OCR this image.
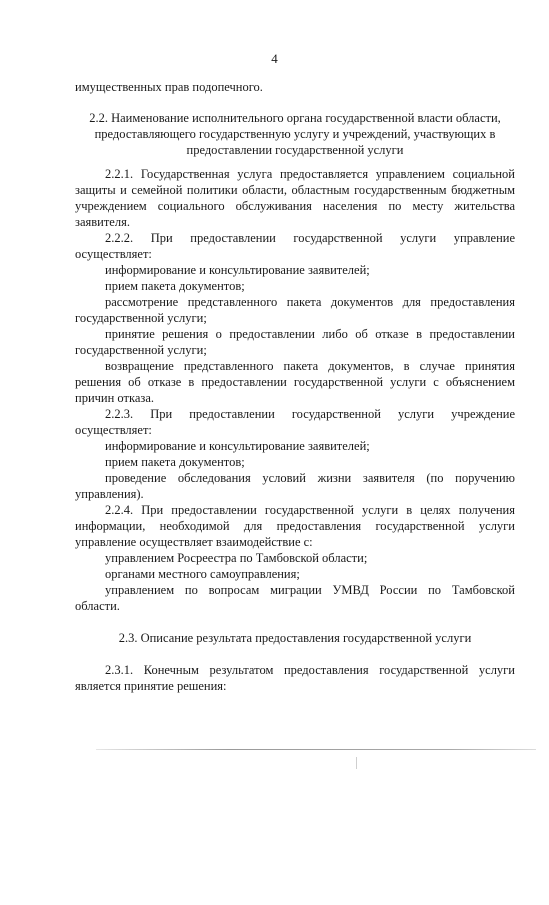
4
имущественных прав подопечного.
2.2. Наименование исполнительного органа государственной власти области,
предоставляющего государственную услугу и учреждений, участвующих в
предоставлении государственной услуги
2.2.1. Государственная услуга предоставляется управлением социальной
защиты и семейной политики области, областным государственным бюджетным
учреждением социального обслуживания населения по месту жительства
заявителя.
2.2.2. При предоставлении государственной услуги управление
осуществляет:
информирование и консультирование заявителей;
прием пакета документов;
рассмотрение представленного пакета документов для предоставления
государственной услуги;
принятие решения о предоставлении либо об отказе в предоставлении
государственной услуги;
возвращение представленного пакета документов, в случае принятия
решения об отказе в предоставлении государственной услуги с объяснением
причин отказа.
2.2.3. При предоставлении государственной услуги учреждение
осуществляет:
информирование и консультирование заявителей;
прием пакета документов;
проведение обследования условий жизни заявителя (по поручению
управления).
2.2.4. При предоставлении государственной услуги в целях получения
информации, необходимой для предоставления государственной услуги
управление осуществляет взаимодействие с:
управлением Росреестра по Тамбовской области;
органами местного самоуправления;
управлением по вопросам миграции УМВД России по Тамбовской
области.
2.3. Описание результата предоставления государственной услуги
2.3.1. Конечным результатом предоставления государственной услуги
является принятие решения:
